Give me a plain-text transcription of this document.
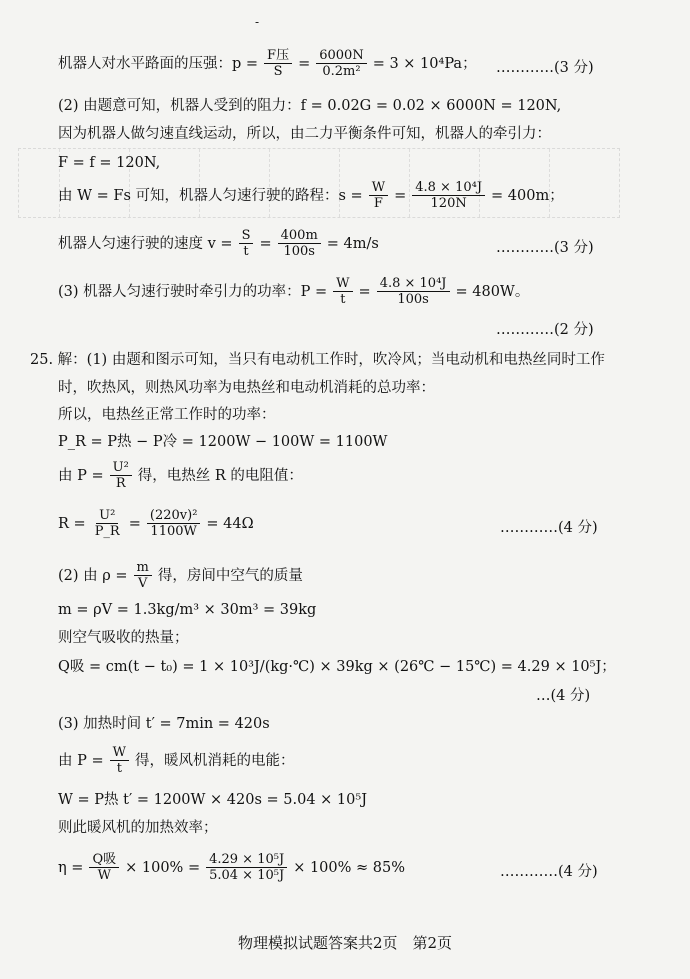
-
机器人对水平路面的压强：$p = \frac{\text{F压}}{S} = \frac{6000N}{\text{0.2m²}} = 3 \times 10^4Pa$； …………(3 分)
(2) 由题意可知，机器人受到的阻力：f = 0.02G = 0.02 × 6000N = 120N,
因为机器人做匀速直线运动，所以，由二力平衡条件可知，机器人的牵引力：
F = f = 120N,
由 W = Fs 可知，机器人匀速行驶的路程：$s = \frac{W}{F} = \frac{\text{4.8 × 10⁴J}}{120N} = 400m$；
机器人匀速行驶的速度 $v = \frac{S}{t} = \frac{400m}{100s} = 4m/s$	…………(3 分)
(3) 机器人匀速行驶时牵引力的功率：$P = \frac{W}{t} = \frac{\text{4.8 × 10⁴J}}{100s} = 480W$。
…………(2 分)
25. 解：(1) 由题和图示可知，当只有电动机工作时，吹冷风；当电动机和电热丝同时工作
时，吹热风，则热风功率为电热丝和电动机消耗的总功率：
所以，电热丝正常工作时的功率：
P_R = P热 − P冷 = 1200W − 100W = 1100W
由 $P = \frac{\text{U²}}{R}$ 得，电热丝 R 的电阻值：
$R = \frac{\text{U²}}{P\_R} = \frac{\text{(220v)²}}{1100W} = 44\Omega$	…………(4 分)
(2) 由 $\rho = \frac{m}{V}$ 得，房间中空气的质量
m = ρV = 1.3kg/m³ × 30m³ = 39kg
则空气吸收的热量；
Q吸 = cm(t − t₀) = 1 × 10³J/(kg·℃) × 39kg × (26℃ − 15℃) = 4.29 × 10⁵J；
…(4 分)
(3) 加热时间 t′ = 7min = 420s
由 $P = \frac{W}{t}$ 得，暖风机消耗的电能：
W = P热 t′ = 1200W × 420s = 5.04 × 10⁵J
则此暖风机的加热效率；
$\eta = \frac{\text{Q吸}}{W} \times 100\% = \frac{\text{4.29 × 10⁵J}}{\text{5.04 × 10⁵J}} \times 100\% \approx 85\%$	…………(4 分)
物理模拟试题答案共2页　第2页
